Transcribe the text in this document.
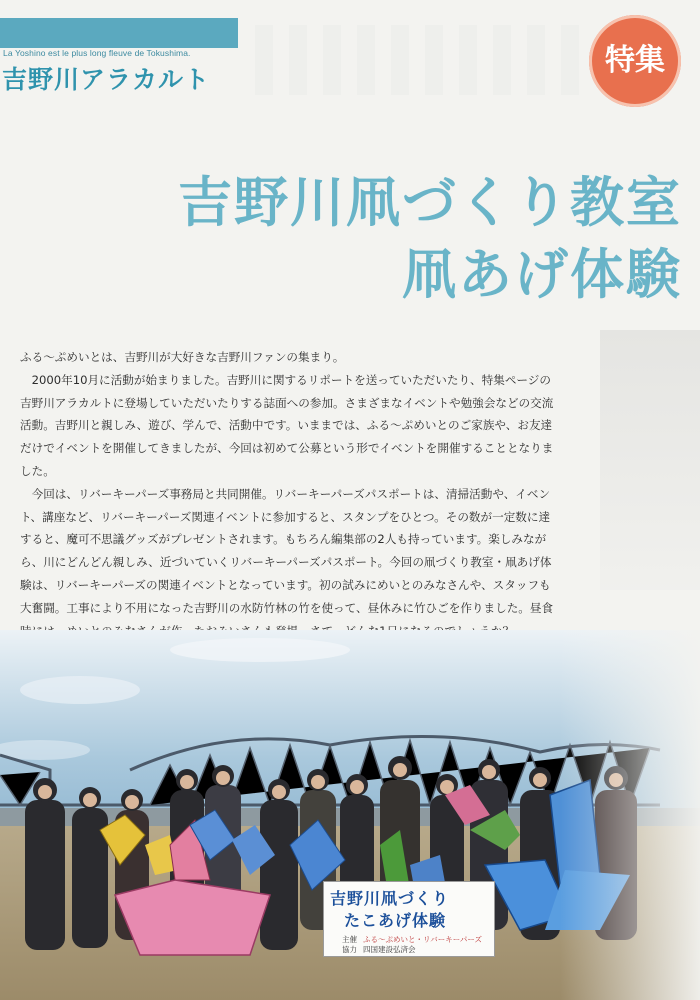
La Yoshino est le plus long fleuve de Tokushima.
吉野川アラカルト
特集
吉野川凧づくり教室
凧あげ体験

ふる～ぷめいとは、吉野川が大好きな吉野川ファンの集まり。

2000年10月に活動が始まりました。吉野川に関するリポートを送っていただいたり、特集ページの吉野川アラカルトに登場していただいたりする誌面への参加。さまざまなイベントや勉強会などの交流活動。吉野川と親しみ、遊び、学んで、活動中です。いままでは、ふる～ぷめいとのご家族や、お友達だけでイベントを開催してきましたが、今回は初めて公募という形でイベントを開催することとなりました。

今回は、リバーキーパーズ事務局と共同開催。リバーキーパーズパスポートは、清掃活動や、イベント、講座など、リバーキーパーズ関連イベントに参加すると、スタンプをひとつ。その数が一定数に達すると、魔可不思議グッズがプレゼントされます。もちろん編集部の2人も持っています。楽しみながら、川にどんどん親しみ、近づいていくリバーキーパーズパスポート。今回の凧づくり教室・凧あげ体験は、リバーキーパーズの関連イベントとなっています。初の試みにめいとのみなさんや、スタッフも大奮闘。工事により不用になった吉野川の水防竹林の竹を使って、昼休みに竹ひごを作りました。昼食

吉野川凧づくり
たこあげ体験
主催 ふる～ぷめいと・リバーキーパーズ
協力 四国建設弘済会
